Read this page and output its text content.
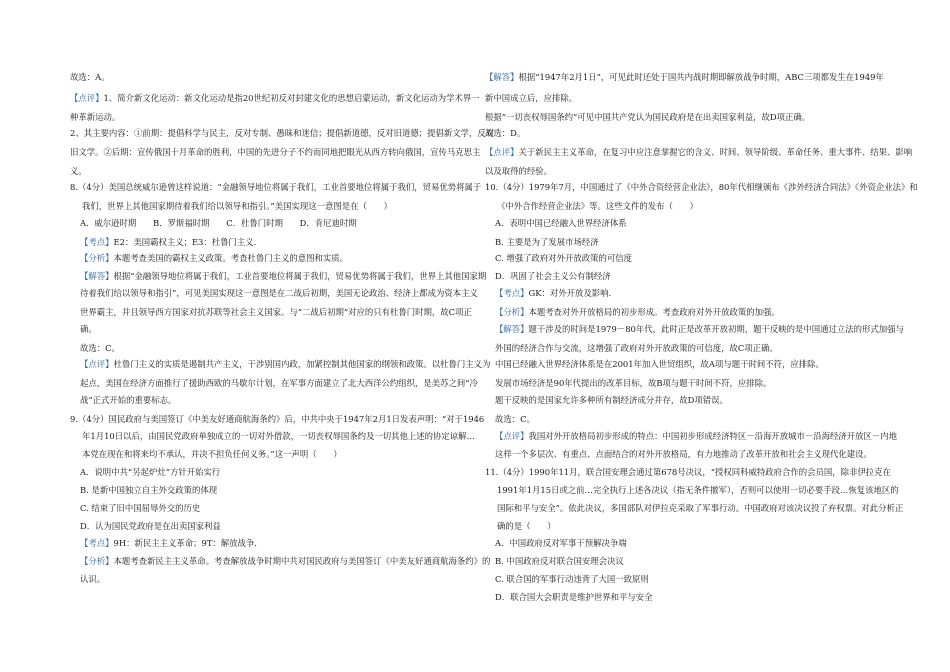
故选：A。
【点评】1、简介新文化运动：新文化运动是指20世纪初反对封建文化的思想启蒙运动，新文化运动为学术界一
种革新运动。
2、其主要内容：①前期：提倡科学与民主，反对专制、愚昧和迷信；提倡新道德，反对旧道德；提倡新文学，反对
旧文学。②后期：宣传俄国十月革命的胜利，中国的先进分子不约而同地把眼光从西方转向俄国，宣传马克思主
义。
8.（4分）美国总统威尔逊曾这样说道：“金融领导地位将属于我们，工业首要地位将属于我们，贸易优势将属于
我们，世界上其他国家期待着我们给以领导和指引。”美国实现这一意图是在（　　）
A．威尔逊时期　　B．罗斯福时期　　C．杜鲁门时期　　D．肯尼迪时期
【考点】E2：美国霸权主义；E3：杜鲁门主义.
【分析】本题考查美国的霸权主义政策。考查杜鲁门主义的意图和实质。
【解答】根据“金融领导地位将属于我们，工业首要地位将属于我们，贸易优势将属于我们，世界上其他国家期
待着我们给以领导和指引”，可见美国实现这一意图是在二战后初期，美国无论政治、经济上都成为资本主义
世界霸主，并且领导西方国家对抗苏联等社会主义国家。与“二战后初期”对应的只有杜鲁门时期，故C项正
确。
故选：C。
【点评】杜鲁门主义的实质是遏制共产主义，干涉别国内政，加紧控制其他国家的纲领和政策。以杜鲁门主义为
起点，美国在经济方面推行了援助西欧的马歇尔计划，在军事方面建立了北大西洋公约组织，是美苏之间“冷
战”正式开始的重要标志。
9.（4分）国民政府与美国签订《中美友好通商航海条约》后，中共中央于1947年2月1日发表声明：“对于1946
年1月10日以后，由国民党政府单独成立的一切对外借款，一切丧权辱国条约及一切其他上述的协定谅解…
本党在现在和将来均不承认，并决不担负任何义务。”这一声明（　　）
A．说明中共“另起炉灶”方针开始实行
B. 是新中国独立自主外交政策的体现
C. 结束了旧中国屈辱外交的历史
D．认为国民党政府是在出卖国家利益
【考点】9H：新民主主义革命；9T：解放战争.
【分析】本题考查新民主主义革命。考查解放战争时期中共对国民政府与美国签订《中美友好通商航海条约》的
认识。
【解答】根据“1947年2月1日”，可见此时还处于国共内战时期即解放战争时期，ABC三项都发生在1949年
新中国成立后，应排除。
根据“一切丧权辱国条约”可见中国共产党认为国民政府是在出卖国家利益，故D项正确。
故选：D。
【点评】关于新民主主义革命，在复习中应注意掌握它的含义、时间、领导阶级、革命任务、重大事件、结果、影响
以及取得的经验。
10.（4分）1979年7月，中国通过了《中外合资经营企业法》，80年代相继颁布《涉外经济合同法》《外资企业法》和
《中外合作经营企业法》等。这些文件的发布（　　）
A．表明中国已经融入世界经济体系
B. 主要是为了发展市场经济
C. 增强了政府对外开放政策的可信度
D．巩固了社会主义公有制经济
【考点】GK：对外开放及影响.
【分析】本题考查对外开放格局的初步形成。考查政府对外开放政策的加强。
【解答】题干涉及的时间是1979－80年代，此时正是改革开放初期，题干反映的是中国通过立法的形式加强与
外国的经济合作与交流，这增强了政府对外开放政策的可信度，故C项正确。
中国已经融入世界经济体系是在2001年加入世贸组织，故A项与题干时间不符，应排除。
发展市场经济是90年代提出的改革目标，故B项与题干时间不符，应排除。
题干反映的是国家允许多种所有制经济成分并存，故D项错误。
故选：C。
【点评】我国对外开放格局初步形成的特点：中国初步形成经济特区－沿海开放城市－沿海经济开放区－内地
这样一个多层次、有重点、点面结合的对外开放格局，有力地推动了改革开放和社会主义现代化建设。
11.（4分）1990年11月，联合国安理会通过第678号决议，“授权同科威特政府合作的会员国，除非伊拉克在
1991年1月15日或之前…完全执行上述各决议（指无条件撤军），否则可以使用一切必要手段…恢复该地区的
国际和平与安全”。依此决议，多国部队对伊拉克采取了军事行动。中国政府对该决议投了弃权票。对此分析正
确的是（　　）
A．中国政府反对军事干预解决争端
B. 中国政府反对联合国安理会决议
C. 联合国的军事行动违背了大国一致原则
D．联合国大会职责是维护世界和平与安全
